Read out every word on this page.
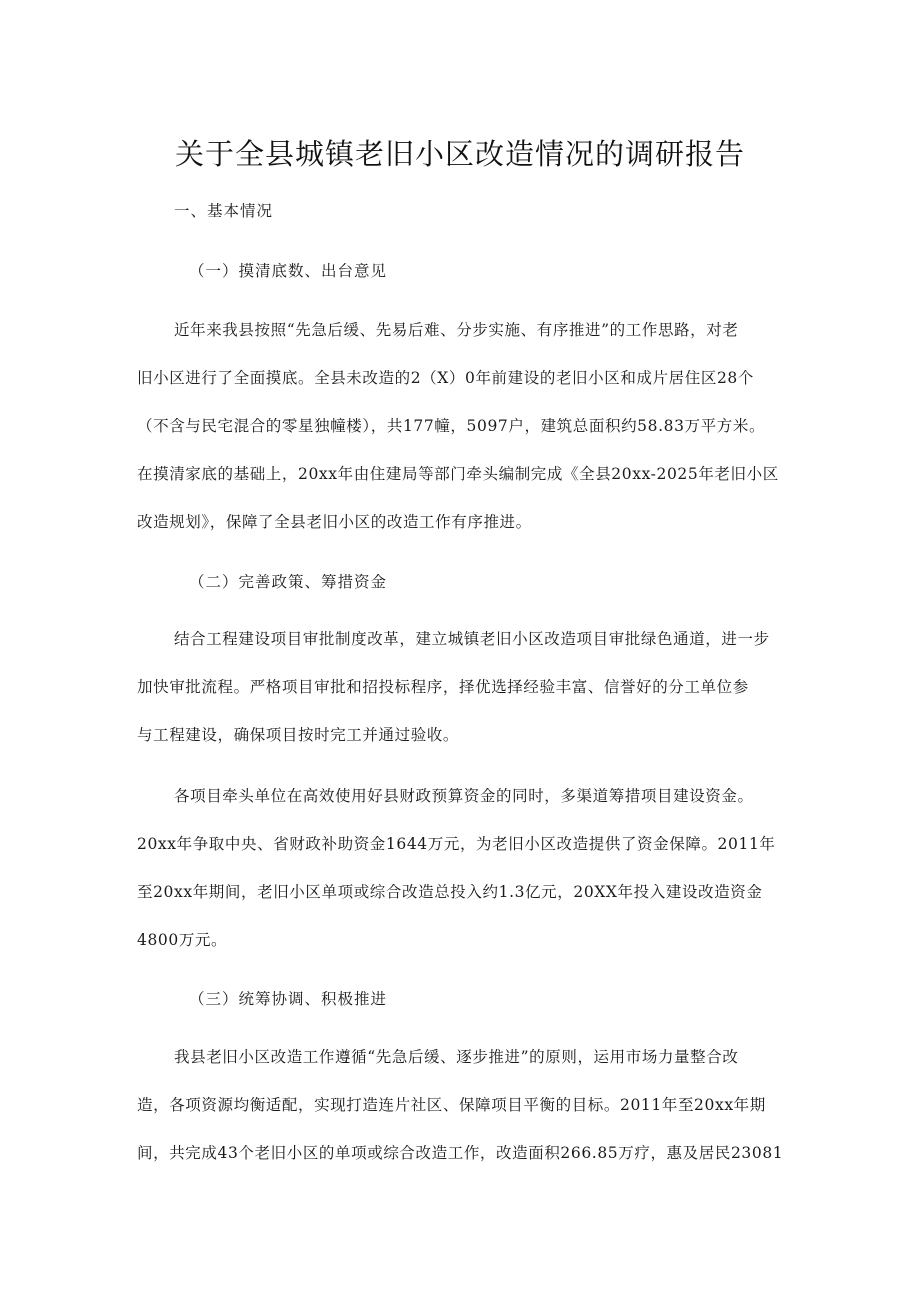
关于全县城镇老旧小区改造情况的调研报告

一、基本情况

（一）摸清底数、出台意见

近年来我县按照“先急后缓、先易后难、分步实施、有序推进”的工作思路，对老

旧小区进行了全面摸底。全县未改造的2（X）0年前建设的老旧小区和成片居住区28个

（不含与民宅混合的零星独幢楼），共177幢，5097户，建筑总面积约58.83万平方米。

在摸清家底的基础上，20xx年由住建局等部门牵头编制完成《全县20xx-2025年老旧小区

改造规划》，保障了全县老旧小区的改造工作有序推进。

（二）完善政策、筹措资金

结合工程建设项目审批制度改革，建立城镇老旧小区改造项目审批绿色通道，进一步

加快审批流程。严格项目审批和招投标程序，择优选择经验丰富、信誉好的分工单位参

与工程建设，确保项目按时完工并通过验收。

各项目牵头单位在高效使用好县财政预算资金的同时，多渠道筹措项目建设资金。

20xx年争取中央、省财政补助资金1644万元，为老旧小区改造提供了资金保障。2011年

至20xx年期间，老旧小区单项或综合改造总投入约1.3亿元，20XX年投入建设改造资金

4800万元。

（三）统筹协调、积极推进

我县老旧小区改造工作遵循“先急后缓、逐步推进”的原则，运用市场力量整合改

造，各项资源均衡适配，实现打造连片社区、保障项目平衡的目标。2011年至20xx年期

间，共完成43个老旧小区的单项或综合改造工作，改造面积266.85万疗，惠及居民23081
